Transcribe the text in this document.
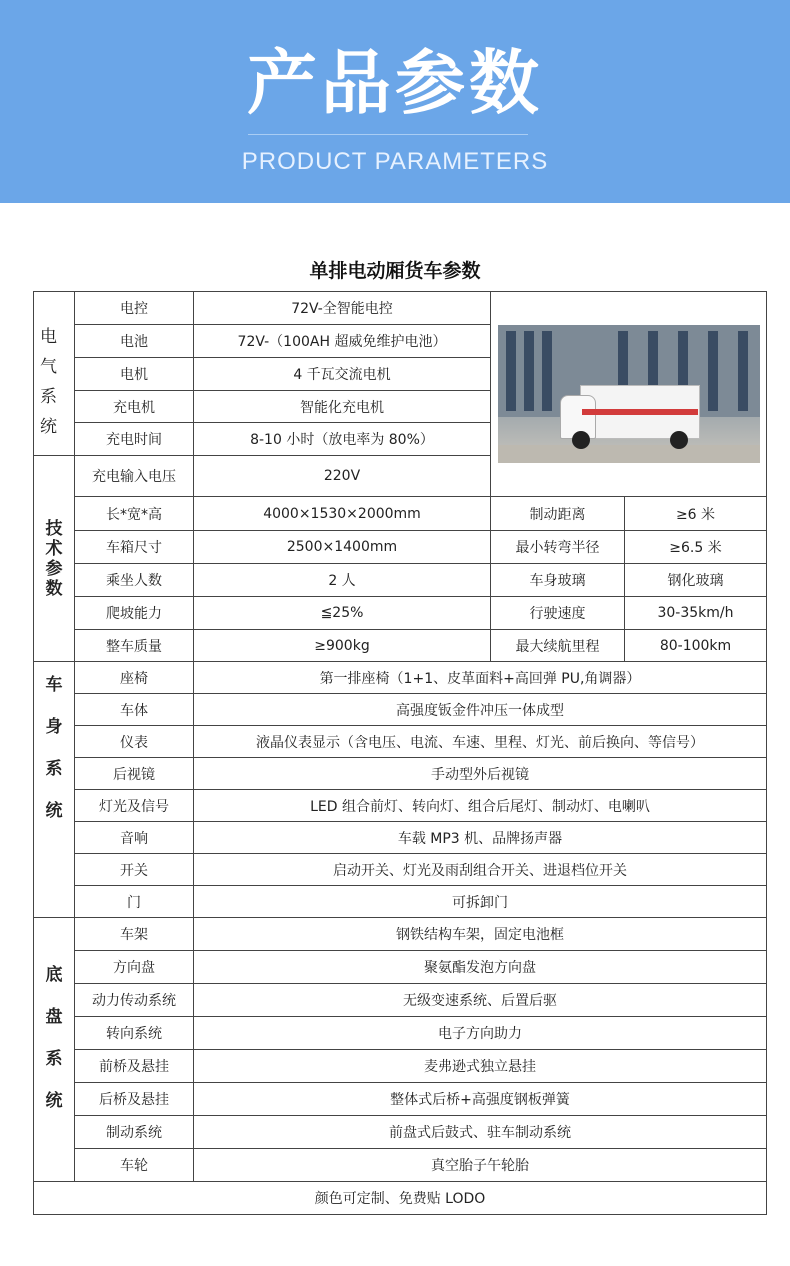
产品参数
PRODUCT PARAMETERS
单排电动厢货车参数
电
气
系
统	电控	72V-全智能电控		

	电池	72V-（100AH 超威免维护电池）		
	电机	4 千瓦交流电机		
	充电机	智能化充电机		
	充电时间	8-10 小时（放电率为 80%）		

技
术
参
数	充电输入电压	220V		
	长*宽*高	4000×1530×2000mm	制动距离	≥6 米
	车箱尺寸	2500×1400mm	最小转弯半径	≥6.5 米
	乘坐人数	2 人	车身玻璃	钢化玻璃
	爬坡能力	≦25%	行驶速度	30-35km/h
	整车质量	≥900kg	最大续航里程	80-100km

车
身
系
统	座椅	第一排座椅（1+1、皮革面料+高回弹 PU,角调器）		
	车体	高强度钣金件冲压一体成型		
	仪表	液晶仪表显示（含电压、电流、车速、里程、灯光、前后换向、等信号）		
	后视镜	手动型外后视镜		
	灯光及信号	LED 组合前灯、转向灯、组合后尾灯、制动灯、电喇叭		
	音响	车载 MP3 机、品牌扬声器		
	开关	启动开关、灯光及雨刮组合开关、进退档位开关		
	门	可拆卸门		

底
盘
系
统	车架	钢铁结构车架，固定电池框		
	方向盘	聚氨酯发泡方向盘		
	动力传动系统	无级变速系统、后置后驱		
	转向系统	电子方向助力		
	前桥及悬挂	麦弗逊式独立悬挂		
	后桥及悬挂	整体式后桥+高强度钢板弹簧		
	制动系统	前盘式后鼓式、驻车制动系统		
	车轮	真空胎子午轮胎		
颜色可定制、免费贴 LODO				
